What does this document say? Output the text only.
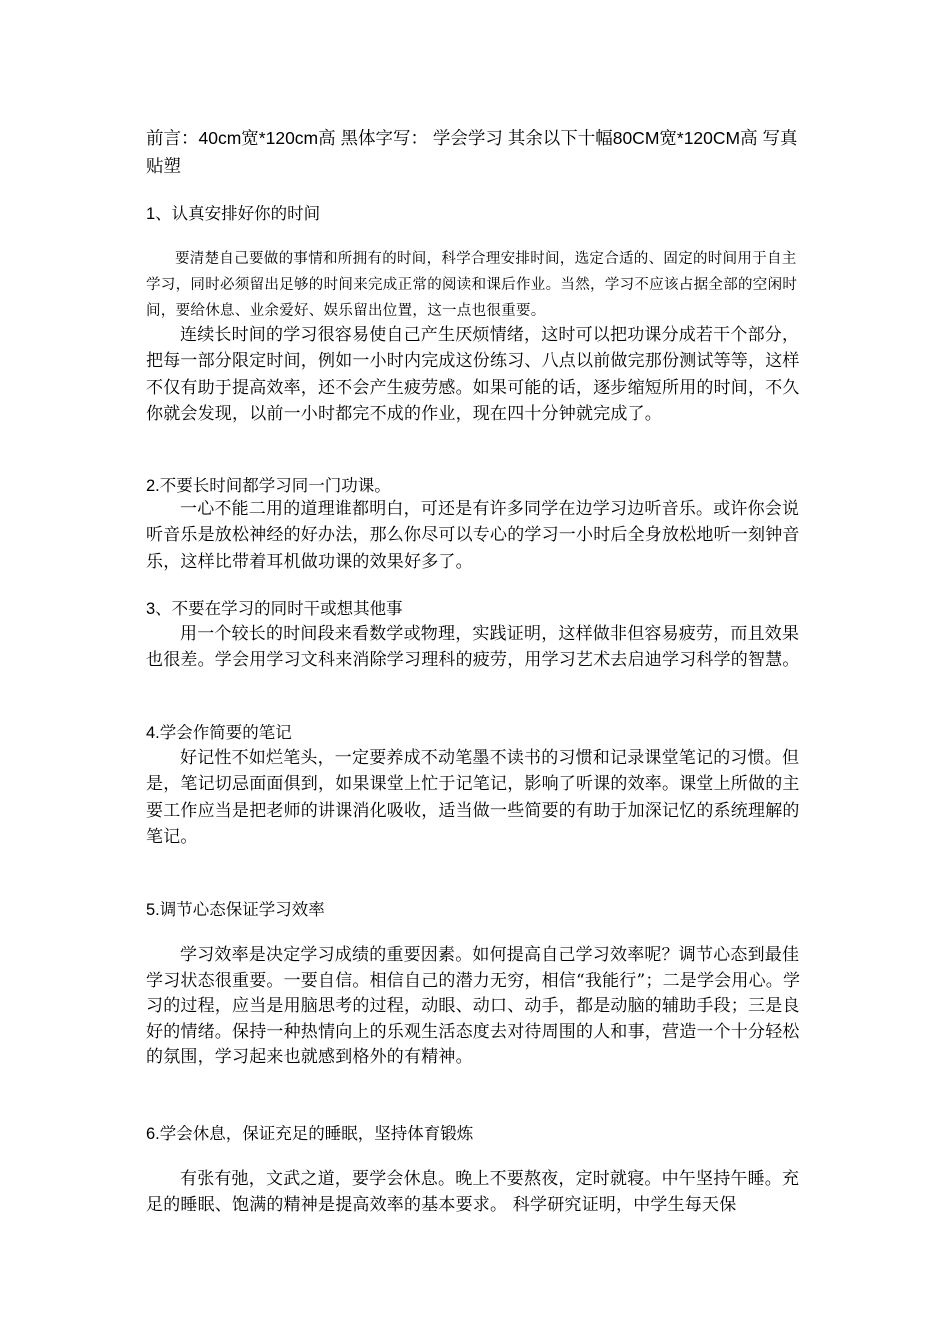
前言：40cm宽*120cm高 黑体字写： 学会学习 其余以下十幅80CM宽*120CM高 写真贴塑
1、认真安排好你的时间
要清楚自己要做的事情和所拥有的时间，科学合理安排时间，选定合适的、固定的时间用于自主学习，同时必须留出足够的时间来完成正常的阅读和课后作业。当然，学习不应该占据全部的空闲时间，要给休息、业余爱好、娱乐留出位置，这一点也很重要。
连续长时间的学习很容易使自己产生厌烦情绪，这时可以把功课分成若干个部分，把每一部分限定时间，例如一小时内完成这份练习、八点以前做完那份测试等等，这样不仅有助于提高效率，还不会产生疲劳感。如果可能的话，逐步缩短所用的时间，不久你就会发现，以前一小时都完不成的作业，现在四十分钟就完成了。
2.不要长时间都学习同一门功课。
一心不能二用的道理谁都明白，可还是有许多同学在边学习边听音乐。或许你会说听音乐是放松神经的好办法，那么你尽可以专心的学习一小时后全身放松地听一刻钟音乐，这样比带着耳机做功课的效果好多了。
3、不要在学习的同时干或想其他事
用一个较长的时间段来看数学或物理，实践证明，这样做非但容易疲劳，而且效果也很差。学会用学习文科来消除学习理科的疲劳，用学习艺术去启迪学习科学的智慧。
4.学会作简要的笔记
好记性不如烂笔头，一定要养成不动笔墨不读书的习惯和记录课堂笔记的习惯。但是，笔记切忌面面俱到，如果课堂上忙于记笔记，影响了听课的效率。课堂上所做的主要工作应当是把老师的讲课消化吸收，适当做一些简要的有助于加深记忆的系统理解的笔记。
5.调节心态保证学习效率
学习效率是决定学习成绩的重要因素。如何提高自己学习效率呢？调节心态到最佳学习状态很重要。一要自信。相信自己的潜力无穷，相信“我能行”；二是学会用心。学习的过程，应当是用脑思考的过程，动眼、动口、动手，都是动脑的辅助手段；三是良好的情绪。保持一种热情向上的乐观生活态度去对待周围的人和事，营造一个十分轻松的氛围，学习起来也就感到格外的有精神。
6.学会休息，保证充足的睡眠，坚持体育锻炼
有张有弛，文武之道，要学会休息。晚上不要熬夜，定时就寝。中午坚持午睡。充足的睡眠、饱满的精神是提高效率的基本要求。 科学研究证明，中学生每天保
